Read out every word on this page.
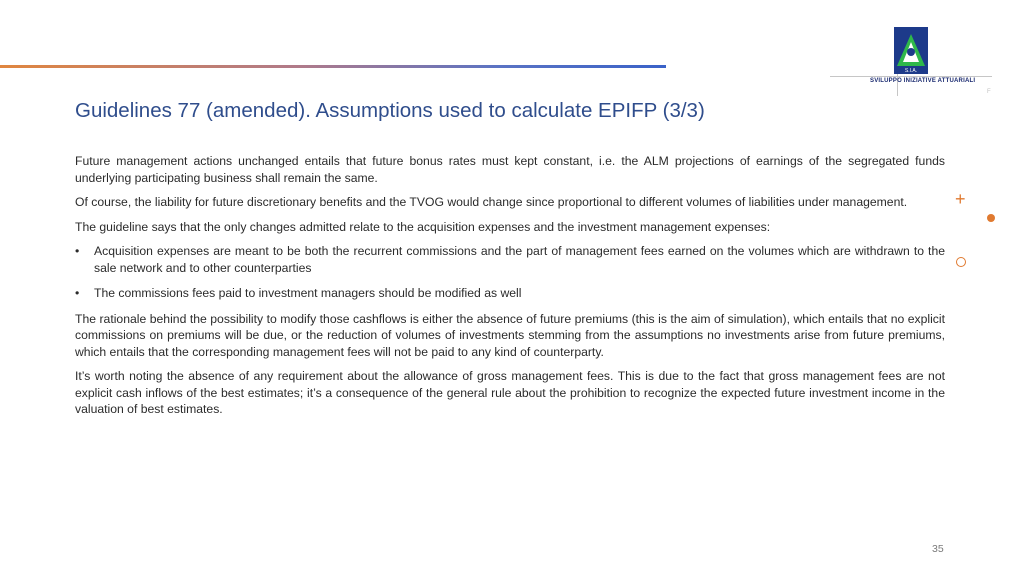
S.I.A.
SVILUPPO INIZIATIVE ATTUARIALI
F
Guidelines 77 (amended). Assumptions used to calculate EPIFP (3/3)

Future management actions unchanged entails that future bonus rates must kept constant, i.e. the ALM projections of earnings of the segregated funds underlying participating business shall remain the same.

Of course, the liability for future discretionary benefits and the TVOG would change since proportional to different volumes of liabilities under management.

The guideline says that the only changes admitted relate to the acquisition expenses and the investment management expenses:

• Acquisition expenses are meant to be both the recurrent commissions and the part of management fees earned on the volumes which are withdrawn to the sale network and to other counterparties
• The commissions fees paid to investment managers should be modified as well

The rationale behind the possibility to modify those cashflows is either the absence of future premiums (this is the aim of simulation), which entails that no explicit commissions on premiums will be due, or the reduction of volumes of investments stemming from the assumptions no investments arise from future premiums, which entails that the corresponding management fees will not be paid to any kind of counterparty.

It’s worth noting the absence of any requirement about the allowance of gross management fees. This is due to the fact that gross management fees are not explicit cash inflows of the best estimates; it’s a consequence of the general rule about the prohibition to recognize the expected future investment income in the valuation of best estimates.

+
35
